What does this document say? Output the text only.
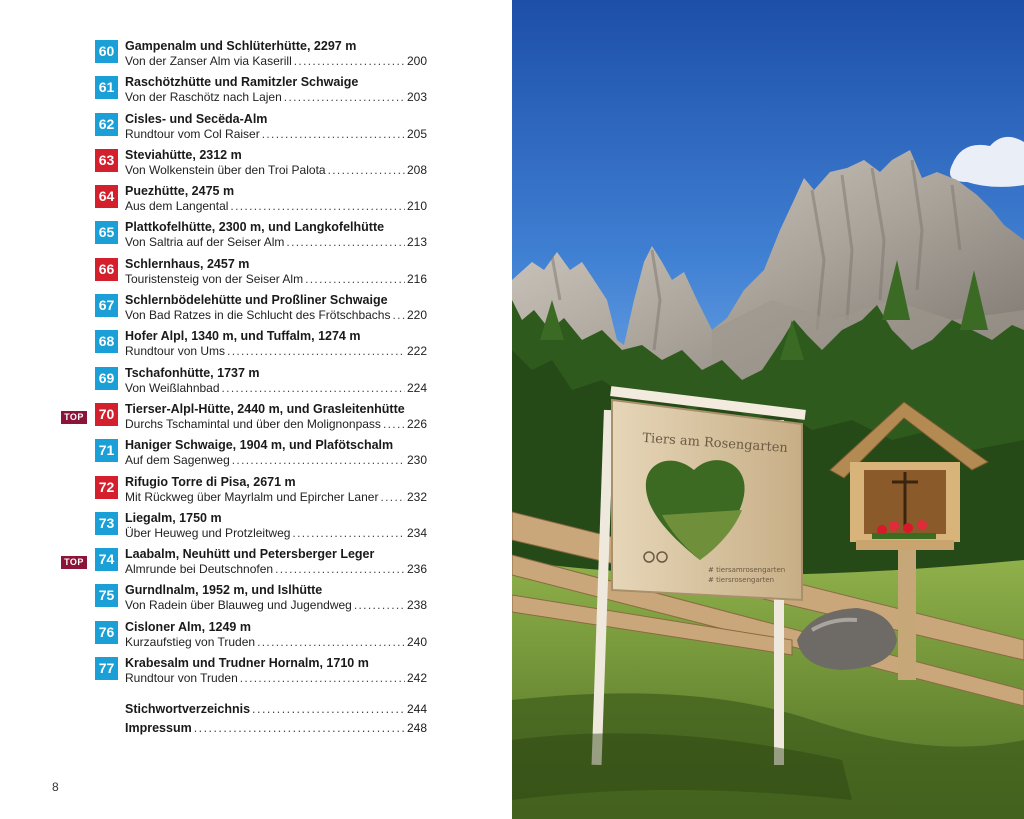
60 Gampenalm und Schlüterhütte, 2297 m
Von der Zanser Alm via Kaserill . . .	200
61 Raschötzhütte und Ramitzler Schwaige
Von der Raschötz nach Lajen . . .	203
62 Cisles- und Secëda-Alm
Rundtour vom Col Raiser . . .	205
63 Steviahütte, 2312 m
Von Wolkenstein über den Troi Palota . . .	208
64 Puezhütte, 2475 m
Aus dem Langental . . .	210
65 Plattkofelhütte, 2300 m, und Langkofelhütte
Von Saltria auf der Seiser Alm . . .	213
66 Schlernhaus, 2457 m
Touristensteig von der Seiser Alm . . .	216
67 Schlernbödelehütte und Proßliner Schwaige
Von Bad Ratzes in die Schlucht des Frötschbachs . . . 220
68 Hofer Alpl, 1340 m, und Tuffalm, 1274 m
Rundtour von Ums . . .	222
69 Tschafonhütte, 1737 m
Von Weißlahnbad . . .	224
TOP 70 Tierser-Alpl-Hütte, 2440 m, und Grasleitenhütte
Durchs Tschamintal und über den Molignonpass . . . 226
71 Haniger Schwaige, 1904 m, und Plafötschalm
Auf dem Sagenweg . . .	230
72 Rifugio Torre di Pisa, 2671 m
Mit Rückweg über Mayrlalm und Epircher Laner . . . 232
73 Liegalm, 1750 m
Über Heuweg und Protzleitweg . . .	234
TOP 74 Laabalm, Neuhütt und Petersberger Leger
Almrunde bei Deutschnofen . . .	236
75 Gurndlnalm, 1952 m, und Islhütte
Von Radein über Blauweg und Jugendweg . . .	238
76 Cisloner Alm, 1249 m
Kurzaufstieg von Truden . . .	240
77 Krabesalm und Trudner Hornalm, 1710 m
Rundtour von Truden . . .	242
Stichwortverzeichnis . . .	244
Impressum . . .	248
8
Tiers am Rosengarten
# tiersamrosengarten
# tiersrosengarten
